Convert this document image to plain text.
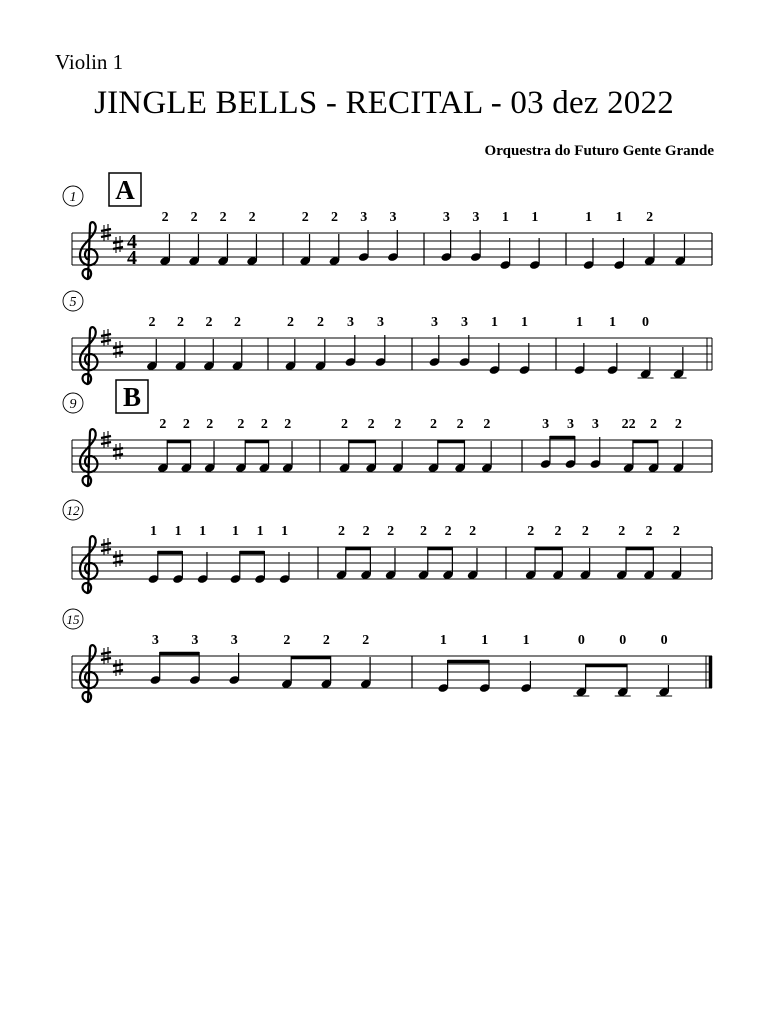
Violin 1
JINGLE BELLS - RECITAL - 03 dez 2022
Orquestra do Futuro Gente Grande
1
4
4
A
2 2 2 2	2 2 3 3	3 3 1 1	1 1 2
5
2 2 2 2	2 2 3 3	3 3 1 1	1 1 0
9 B
2 2 2 2 2 2	2 2 2 2 2 2	3 3 3 22 2 2
12
1 1 1 1 1 1	2 2 2 2 2 2	2 2 2 2 2 2
15
3 3 3	2 2 2	1 1 1	0 0 0
